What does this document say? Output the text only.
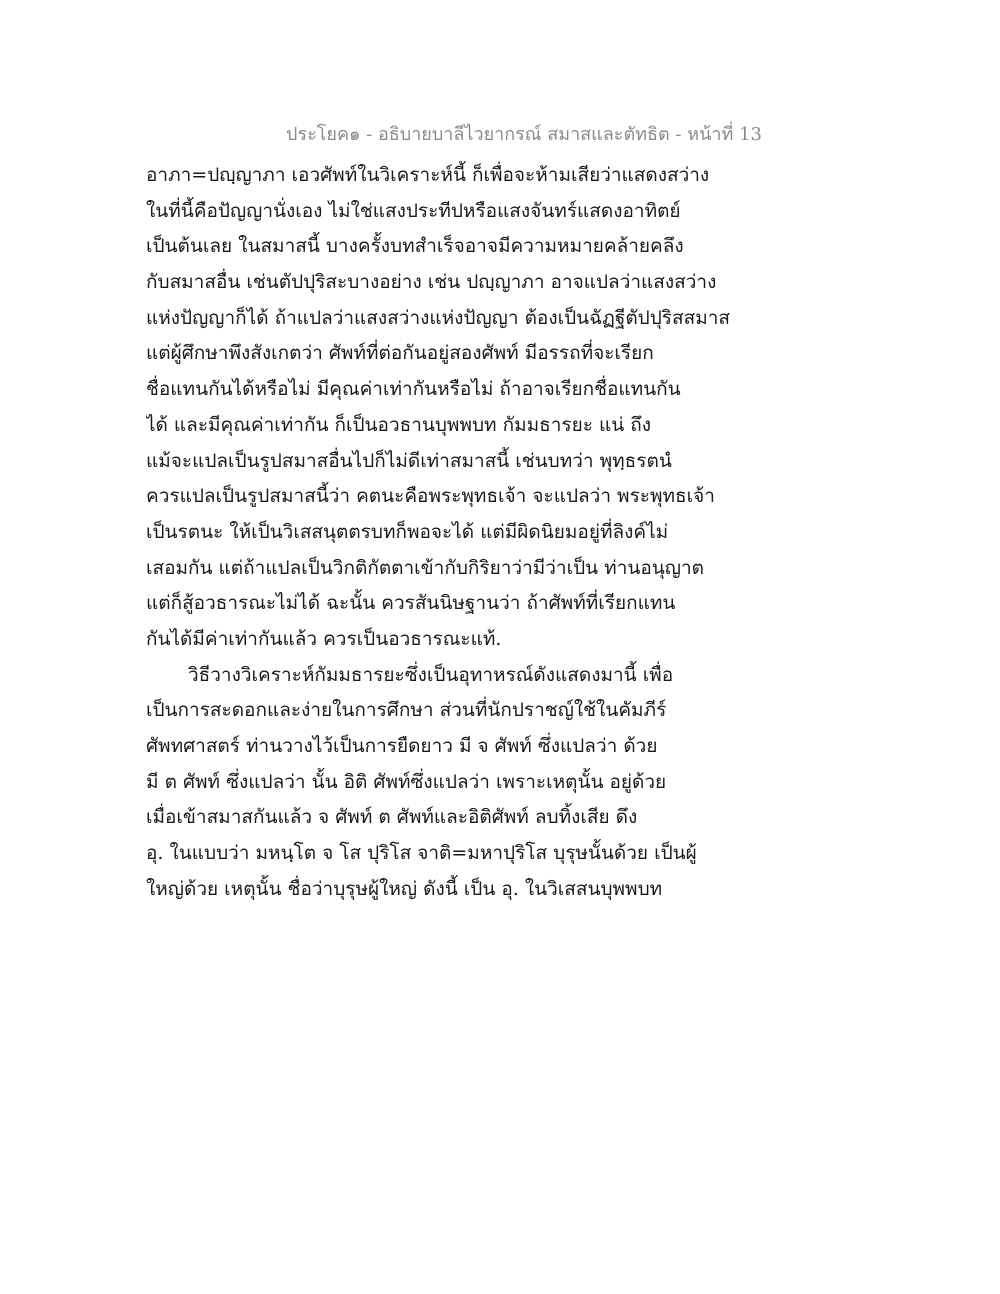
ประโยค๑ - อธิบายบาลีไวยากรณ์ สมาสและตัทธิต - หน้าที่ 13
อาภา=ปญฺญาภา เอวศัพท์ในวิเคราะห์นี้ ก็เพื่อจะห้ามเสียว่าแสดงสว่าง
ในที่นี้คือปัญญานั่งเอง ไม่ใช่แสงประทีปหรือแสงจันทร์แสดงอาทิตย์
เป็นต้นเลย ในสมาสนี้ บางครั้งบทสำเร็จอาจมีความหมายคล้ายคลึง
กับสมาสอื่น เช่นตัปปุริสะบางอย่าง เช่น ปญฺญาภา อาจแปลว่าแสงสว่าง
แห่งปัญญาก็ได้ ถ้าแปลว่าแสงสว่างแห่งปัญญา ต้องเป็นฉัฏฐีตัปปุริสสมาส
แต่ผู้ศึกษาพึงสังเกตว่า ศัพท์ที่ต่อกันอยู่สองศัพท์ มีอรรถที่จะเรียก
ชื่อแทนกันได้หรือไม่ มีคุณค่าเท่ากันหรือไม่ ถ้าอาจเรียกชื่อแทนกัน
ได้ และมีคุณค่าเท่ากัน ก็เป็นอวธานบุพพบท กัมมธารยะ แน่ ถึง
แม้จะแปลเป็นรูปสมาสอื่นไปก็ไม่ดีเท่าสมาสนี้ เช่นบทว่า พุทฺธรตนํ
ควรแปลเป็นรูปสมาสนี้ว่า คตนะคือพระพุทธเจ้า จะแปลว่า พระพุทธเจ้า
เป็นรตนะ ให้เป็นวิเสสนุตตรบทก็พอจะได้ แต่มีผิดนิยมอยู่ที่ลิงค์ไม่
เสอมกัน แต่ถ้าแปลเป็นวิกติกัตตาเข้ากับกิริยาว่ามีว่าเป็น ท่านอนุญาต
แต่ก็สู้อวธารณะไม่ได้ ฉะนั้น ควรสันนิษฐานว่า ถ้าศัพท์ที่เรียกแทน
กันได้มีค่าเท่ากันแล้ว ควรเป็นอวธารณะแท้.
วิธีวางวิเคราะห์กัมมธารยะซึ่งเป็นอุทาหรณ์ดังแสดงมานี้ เพื่อ
เป็นการสะดอกและง่ายในการศึกษา ส่วนที่นักปราชญ์ใช้ในคัมภีร์
ศัพทศาสตร์ ท่านวางไว้เป็นการยืดยาว มี จ ศัพท์ ซึ่งแปลว่า ด้วย
มี ต ศัพท์ ซึ่งแปลว่า นั้น อิติ ศัพท์ซึ่งแปลว่า เพราะเหตุนั้น อยู่ด้วย
เมื่อเข้าสมาสกันแล้ว จ ศัพท์ ต ศัพท์และอิติศัพท์ ลบทิ้งเสีย ดึง
อุ. ในแบบว่า มหนฺโต จ โส ปุริโส จาติ=มหาปุริโส บุรุษนั้นด้วย เป็นผู้
ใหญ่ด้วย เหตุนั้น ชื่อว่าบุรุษผู้ใหญ่ ดังนี้ เป็น อุ. ในวิเสสนบุพพบท
